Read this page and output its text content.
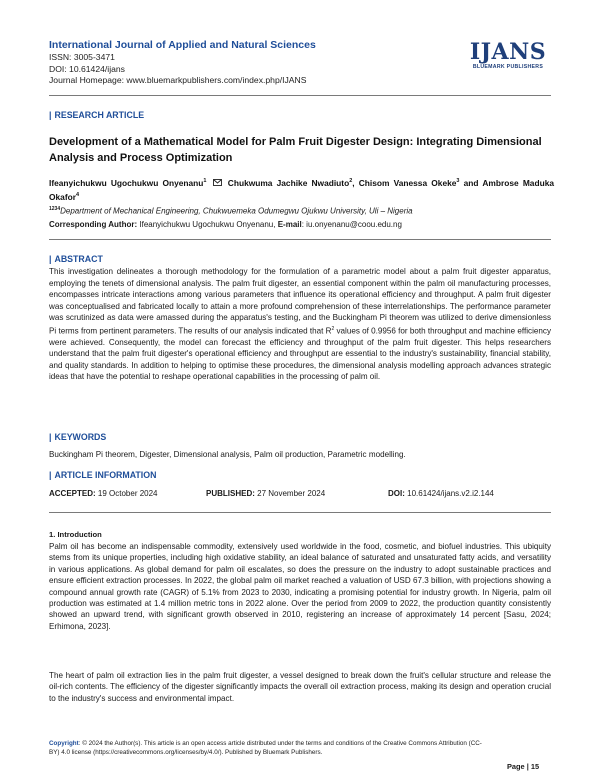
International Journal of Applied and Natural Sciences
ISSN: 3005-3471
DOI: 10.61424/ijans
Journal Homepage: www.bluemarkpublishers.com/index.php/IJANS
IJANS
BLUEMARK PUBLISHERS
| RESEARCH ARTICLE
Development of a Mathematical Model for Palm Fruit Digester Design: Integrating Dimensional Analysis and Process Optimization
Ifeanyichukwu Ugochukwu Onyenanu$^1$	Chukwuma Jachike Nwadiuto$^2$, Chisom Vanessa Okeke$^3$ and Ambrose Maduka Okafor$^4$
$^{1234}$Department of Mechanical Engineering, Chukwuemeka Odumegwu Ojukwu University, Uli – Nigeria
Corresponding Author: Ifeanyichukwu Ugochukwu Onyenanu, E-mail: iu.onyenanu@coou.edu.ng
| ABSTRACT
This investigation delineates a thorough methodology for the formulation of a parametric model about a palm fruit digester apparatus, employing the tenets of dimensional analysis. The palm fruit digester, an essential component within the palm oil manufacturing processes, encompasses intricate interactions among various parameters that influence its operational efficiency and throughput. A palm fruit digester was conceptualised and fabricated locally to attain a more profound comprehension of these interrelationships. The performance parameter was scrutinized as data were amassed during the apparatus's testing, and the Buckingham Pi theorem was utilized to derive dimensionless Pi terms from pertinent parameters. The results of our analysis indicated that $R^2$ values of 0.9956 for both throughput and machine efficiency were achieved. Consequently, the model can forecast the efficiency and throughput of the palm fruit digester. This helps researchers understand that the palm fruit digester's operational efficiency and throughput are essential to the industry's sustainability, financial stability, and quality standards. In addition to helping to optimise these procedures, the dimensional analysis modelling approach advances strategic ideas that have the potential to reshape operational capabilities in the processing of palm oil.
| KEYWORDS
Buckingham Pi theorem, Digester, Dimensional analysis, Palm oil production, Parametric modelling.
| ARTICLE INFORMATION
ACCEPTED: 19 October 2024	PUBLISHED: 27 November 2024	DOI: 10.61424/ijans.v2.i2.144
1. Introduction
Palm oil has become an indispensable commodity, extensively used worldwide in the food, cosmetic, and biofuel industries. This ubiquity stems from its unique properties, including high oxidative stability, an ideal balance of saturated and unsaturated fatty acids, and versatility in various applications. As global demand for palm oil escalates, so does the pressure on the industry to adopt sustainable practices and ensure efficient extraction processes. In 2022, the global palm oil market reached a valuation of USD 67.3 billion, with projections showing a compound annual growth rate (CAGR) of 5.1% from 2023 to 2030, indicating a promising potential for industry growth. In Nigeria, palm oil production was estimated at 1.4 million metric tons in 2022 alone. Over the period from 2009 to 2022, the production quantity consistently showed an upward trend, with significant growth observed in 2010, registering an increase of approximately 14 percent [Sasu, 2024; Erhimona, 2023].
The heart of palm oil extraction lies in the palm fruit digester, a vessel designed to break down the fruit's cellular structure and release the oil-rich contents. The efficiency of the digester significantly impacts the overall oil extraction process, making its design and operation crucial to the industry's success and environmental impact.
Copyright: © 2024 the Author(s). This article is an open access article distributed under the terms and conditions of the Creative Commons Attribution (CC-BY) 4.0 license (https://creativecommons.org/licenses/by/4.0/). Published by Bluemark Publishers.
Page | 15
